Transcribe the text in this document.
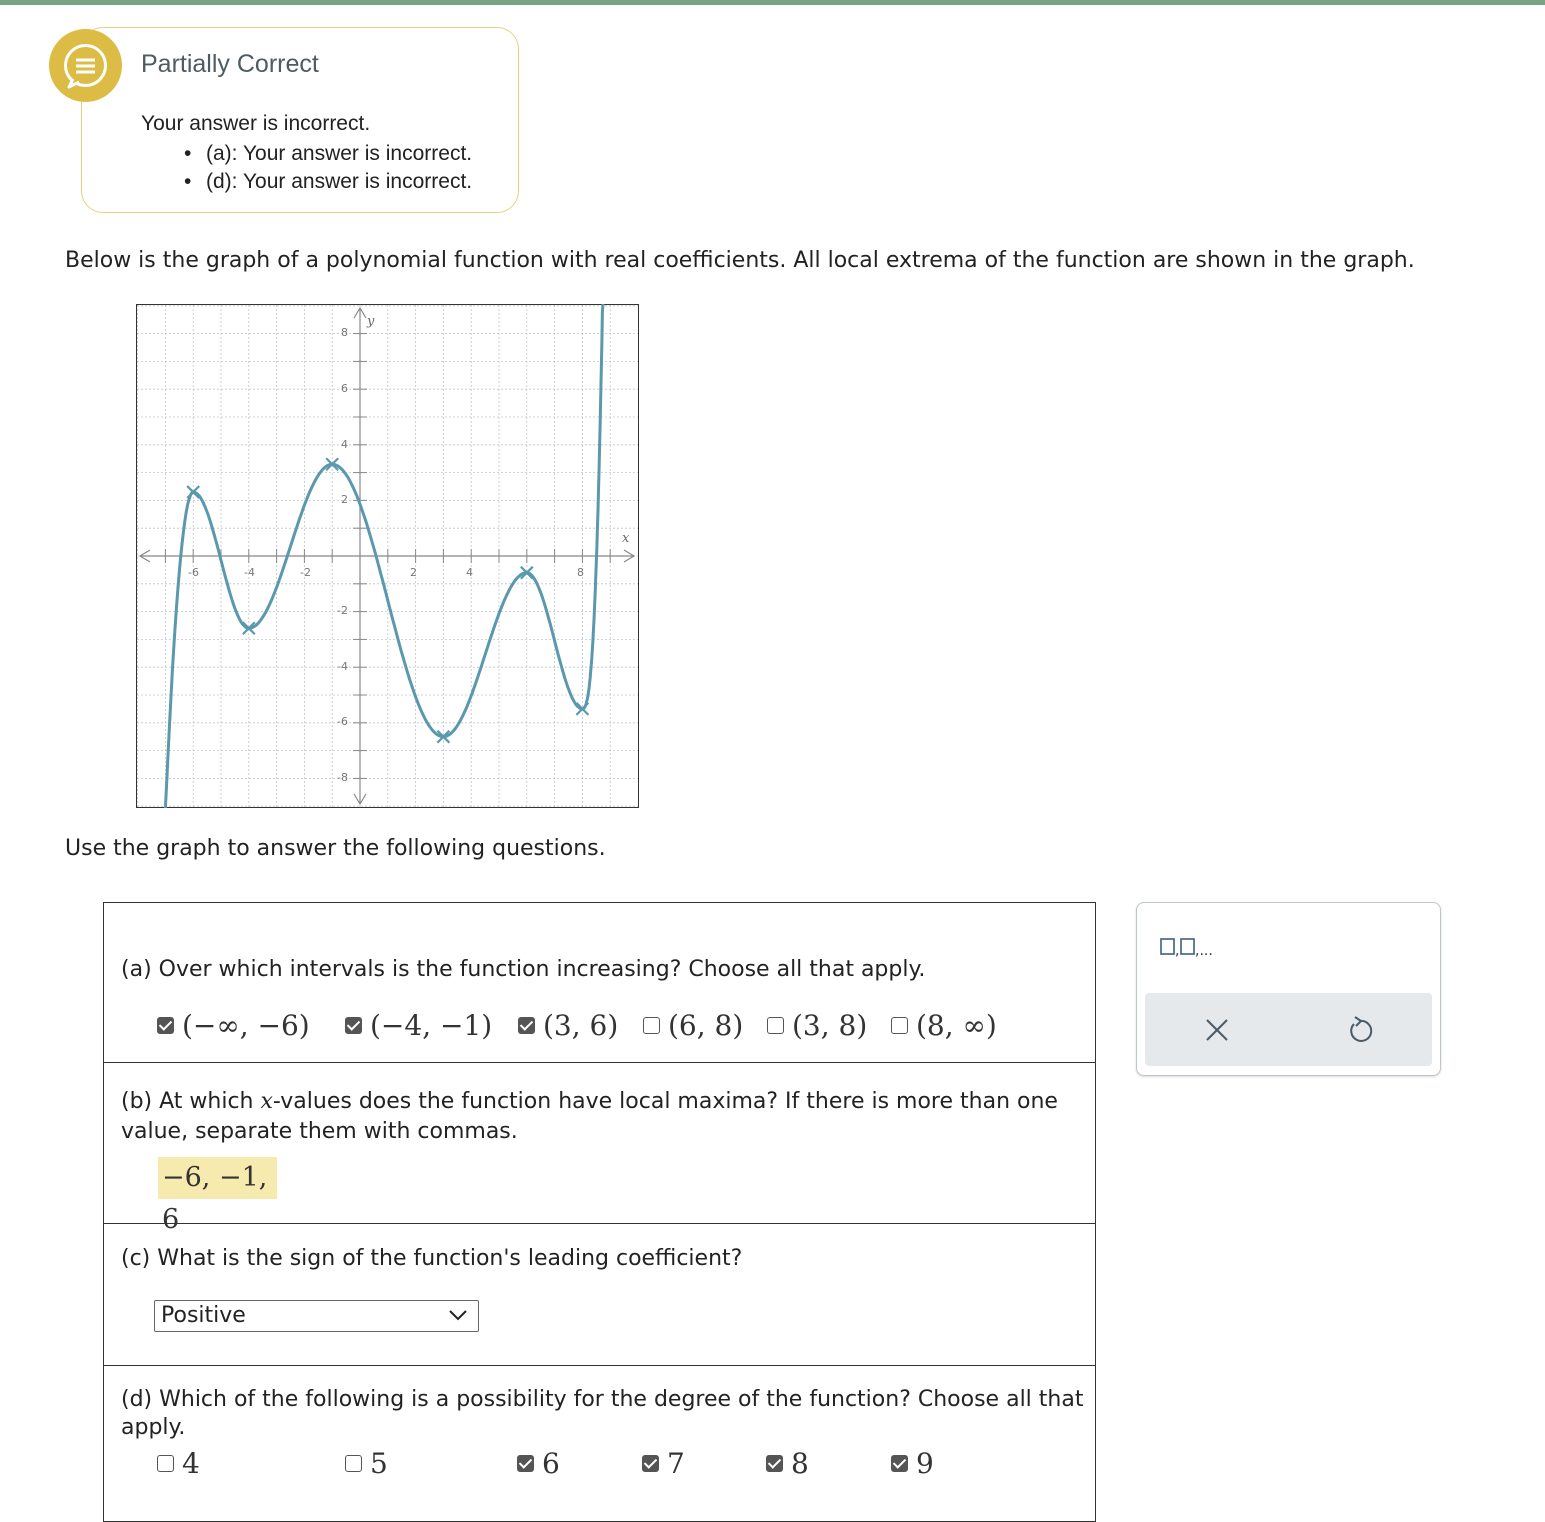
Partially Correct
Your answer is incorrect.
• (a): Your answer is incorrect.
• (d): Your answer is incorrect.
Below is the graph of a polynomial function with real coefficients. All local extrema of the function are shown in the graph.
x
y
-6	-4	-2	2	4	8
8
6
4
2
-2
-4
-6
-8
Use the graph to answer the following questions.
(a) Over which intervals is the function increasing? Choose all that apply.
(−∞, −6) (−4, −1) (3, 6) (6, 8) (3, 8) (8, ∞)
(b) At which x-values does the function have local maxima? If there is more than one value, separate them with commas.
−6, −1, 6
(c) What is the sign of the function's leading coefficient?
Positive
(d) Which of the following is a possibility for the degree of the function? Choose all that apply.
4	5	6	7	8	9
, ,...
